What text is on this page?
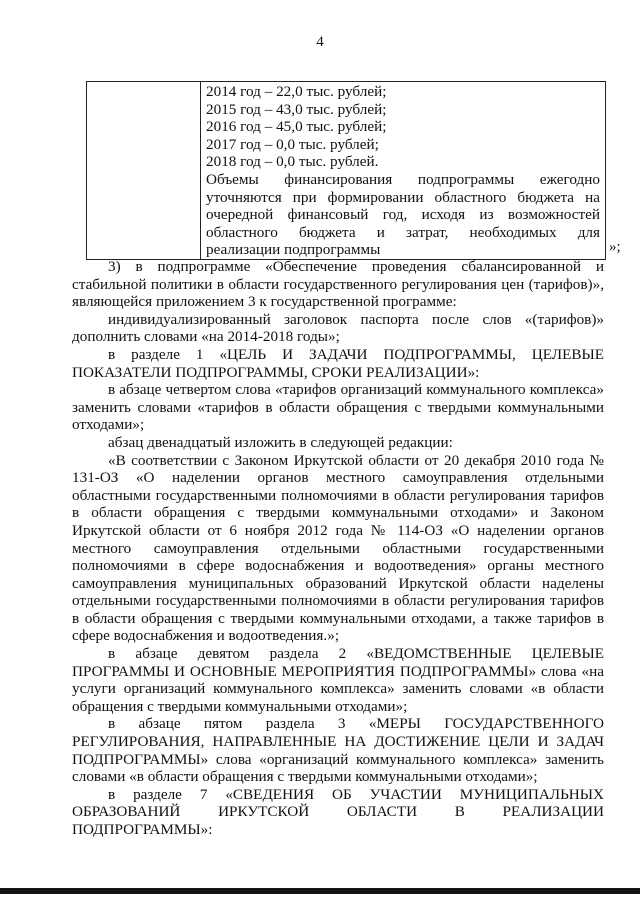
4

2014 год – 22,0 тыс. рублей;
2015 год – 43,0 тыс. рублей;
2016 год – 45,0 тыс. рублей;
2017 год – 0,0 тыс. рублей;
2018 год – 0,0 тыс. рублей.
Объемы финансирования подпрограммы ежегодно
уточняются при формировании областного бюджета на
очередной финансовый год, исходя из возможностей
областного бюджета и затрат, необходимых для
реализации подпрограммы	»;

3) в подпрограмме «Обеспечение проведения сбалансированной и стабильной политики в области государственного регулирования цен (тарифов)», являющейся приложением 3 к государственной программе:

индивидуализированный заголовок паспорта после слов «(тарифов)» дополнить словами «на 2014-2018 годы»;

в разделе 1 «ЦЕЛЬ И ЗАДАЧИ ПОДПРОГРАММЫ, ЦЕЛЕВЫЕ ПОКАЗАТЕЛИ ПОДПРОГРАММЫ, СРОКИ РЕАЛИЗАЦИИ»:

в абзаце четвертом слова «тарифов организаций коммунального комплекса» заменить словами «тарифов в области обращения с твердыми коммунальными отходами»;

абзац двенадцатый изложить в следующей редакции:

«В соответствии с Законом Иркутской области от 20 декабря 2010 года № 131-ОЗ «О наделении органов местного самоуправления отдельными областными государственными полномочиями в области регулирования тарифов в области обращения с твердыми коммунальными отходами» и Законом Иркутской области от 6 ноября 2012 года № 114-ОЗ «О наделении органов местного самоуправления отдельными областными государственными полномочиями в сфере водоснабжения и водоотведения» органы местного самоуправления муниципальных образований Иркутской области наделены отдельными государственными полномочиями в области регулирования тарифов в области обращения с твердыми коммунальными отходами, а также тарифов в сфере водоснабжения и водоотведения.»;

в абзаце девятом раздела 2 «ВЕДОМСТВЕННЫЕ ЦЕЛЕВЫЕ ПРОГРАММЫ И ОСНОВНЫЕ МЕРОПРИЯТИЯ ПОДПРОГРАММЫ» слова «на услуги организаций коммунального комплекса» заменить словами «в области обращения с твердыми коммунальными отходами»;

в абзаце пятом раздела 3 «МЕРЫ ГОСУДАРСТВЕННОГО РЕГУЛИРОВАНИЯ, НАПРАВЛЕННЫЕ НА ДОСТИЖЕНИЕ ЦЕЛИ И ЗАДАЧ ПОДПРОГРАММЫ» слова «организаций коммунального комплекса» заменить словами «в области обращения с твердыми коммунальными отходами»;

в разделе 7 «СВЕДЕНИЯ ОБ УЧАСТИИ МУНИЦИПАЛЬНЫХ

ОБРАЗОВАНИЙ ИРКУТСКОЙ ОБЛАСТИ В РЕАЛИЗАЦИИ

ПОДПРОГРАММЫ»:
